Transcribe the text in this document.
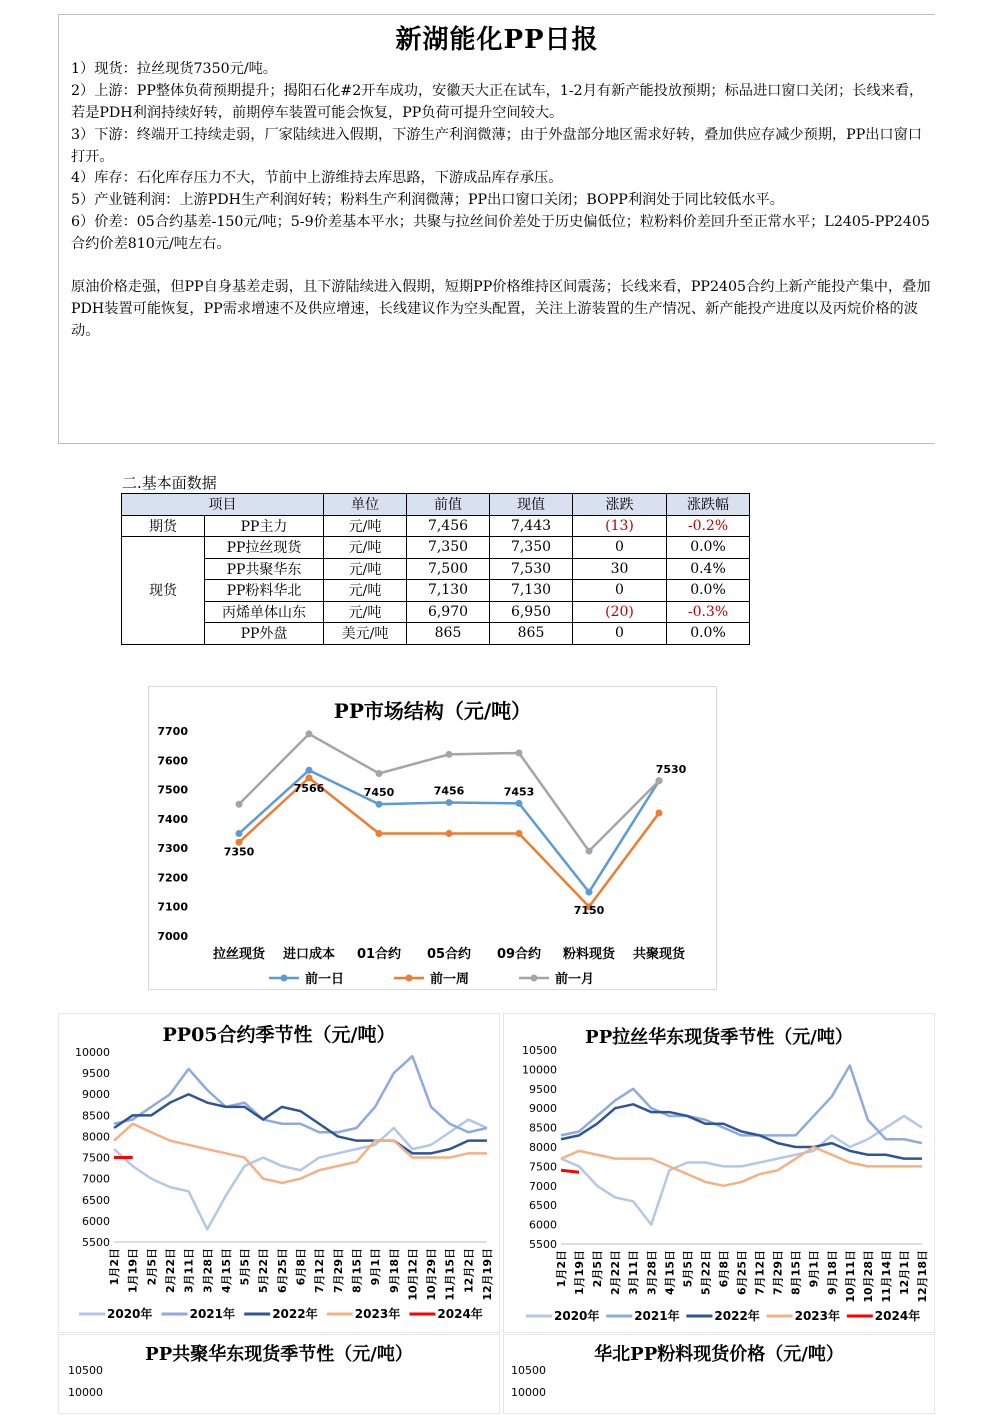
新湖能化PP日报

1）现货：拉丝现货7350元/吨。

2）上游：PP整体负荷预期提升；揭阳石化#2开车成功，安徽天大正在试车，1-2月有新产能投放预期；标品进口窗口关闭；长线来看，若是PDH利润持续好转，前期停车装置可能会恢复，PP负荷可提升空间较大。

3）下游：终端开工持续走弱，厂家陆续进入假期，下游生产利润微薄；由于外盘部分地区需求好转，叠加供应存减少预期，PP出口窗口打开。

4）库存：石化库存压力不大，节前中上游维持去库思路，下游成品库存承压。

5）产业链利润：上游PDH生产利润好转；粉料生产利润微薄；PP出口窗口关闭；BOPP利润处于同比较低水平。

6）价差：05合约基差-150元/吨；5-9价差基本平水；共聚与拉丝间价差处于历史偏低位；粒粉料价差回升至正常水平；L2405-PP2405合约价差810元/吨左右。

原油价格走强，但PP自身基差走弱，且下游陆续进入假期，短期PP价格维持区间震荡；长线来看，PP2405合约上新产能投产集中，叠加PDH装置可能恢复，PP需求增速不及供应增速，长线建议作为空头配置，关注上游装置的生产情况、新产能投产进度以及丙烷价格的波动。

二.基本面数据
项目		单位	前值	现值	涨跌	涨跌幅
期货	PP主力	元/吨	7,456	7,443	(13)	-0.2%
现货	PP拉丝现货	元/吨	7,350	7,350	0	0.0%
	PP共聚华东	元/吨	7,500	7,530	30	0.4%
	PP粉料华北	元/吨	7,130	7,130	0	0.0%
	丙烯单体山东	元/吨	6,970	6,950	(20)	-0.3%
	PP外盘	美元/吨	865	865	0	0.0%
PP市场结构（元/吨）
7000
7100
7200
7300
7400
7500
7600
7700
拉丝现货 进口成本 01合约 05合约 09合约 粉料现货 共聚现货
7350
7566	7450	7456	7453
7150
7530
前一日	前一周	前一月
PP05合约季节性（元/吨）
5500
6000
6500
7000
7500
8000
8500
9000
9500
10000
1月2日 1月19日 2月5日 2月22日 3月11日 3月28日 4月15日 5月5日 5月22日 6月25日 6月8日 7月12日 7月29日 8月15日 9月1日 9月18日 10月12日 10月29日 11月15日 12月2日 12月19日
2020年	2021年	2022年	2023年	2024年
PP拉丝华东现货季节性（元/吨）
5500
6000
6500
7000
7500
8000
8500
9000
9500
10000
10500
1月2日 1月19日 2月5日 2月22日 3月11日 3月28日 4月15日 5月5日 5月22日 6月8日 6月25日 7月12日 7月29日 8月15日 9月1日 9月18日 10月11日 10月28日 11月14日 12月1日 12月18日
2020年	2021年	2022年	2023年	2024年
PP共聚华东现货季节性（元/吨）
10000
10500
华北PP粉料现货价格（元/吨）
10000
10500
